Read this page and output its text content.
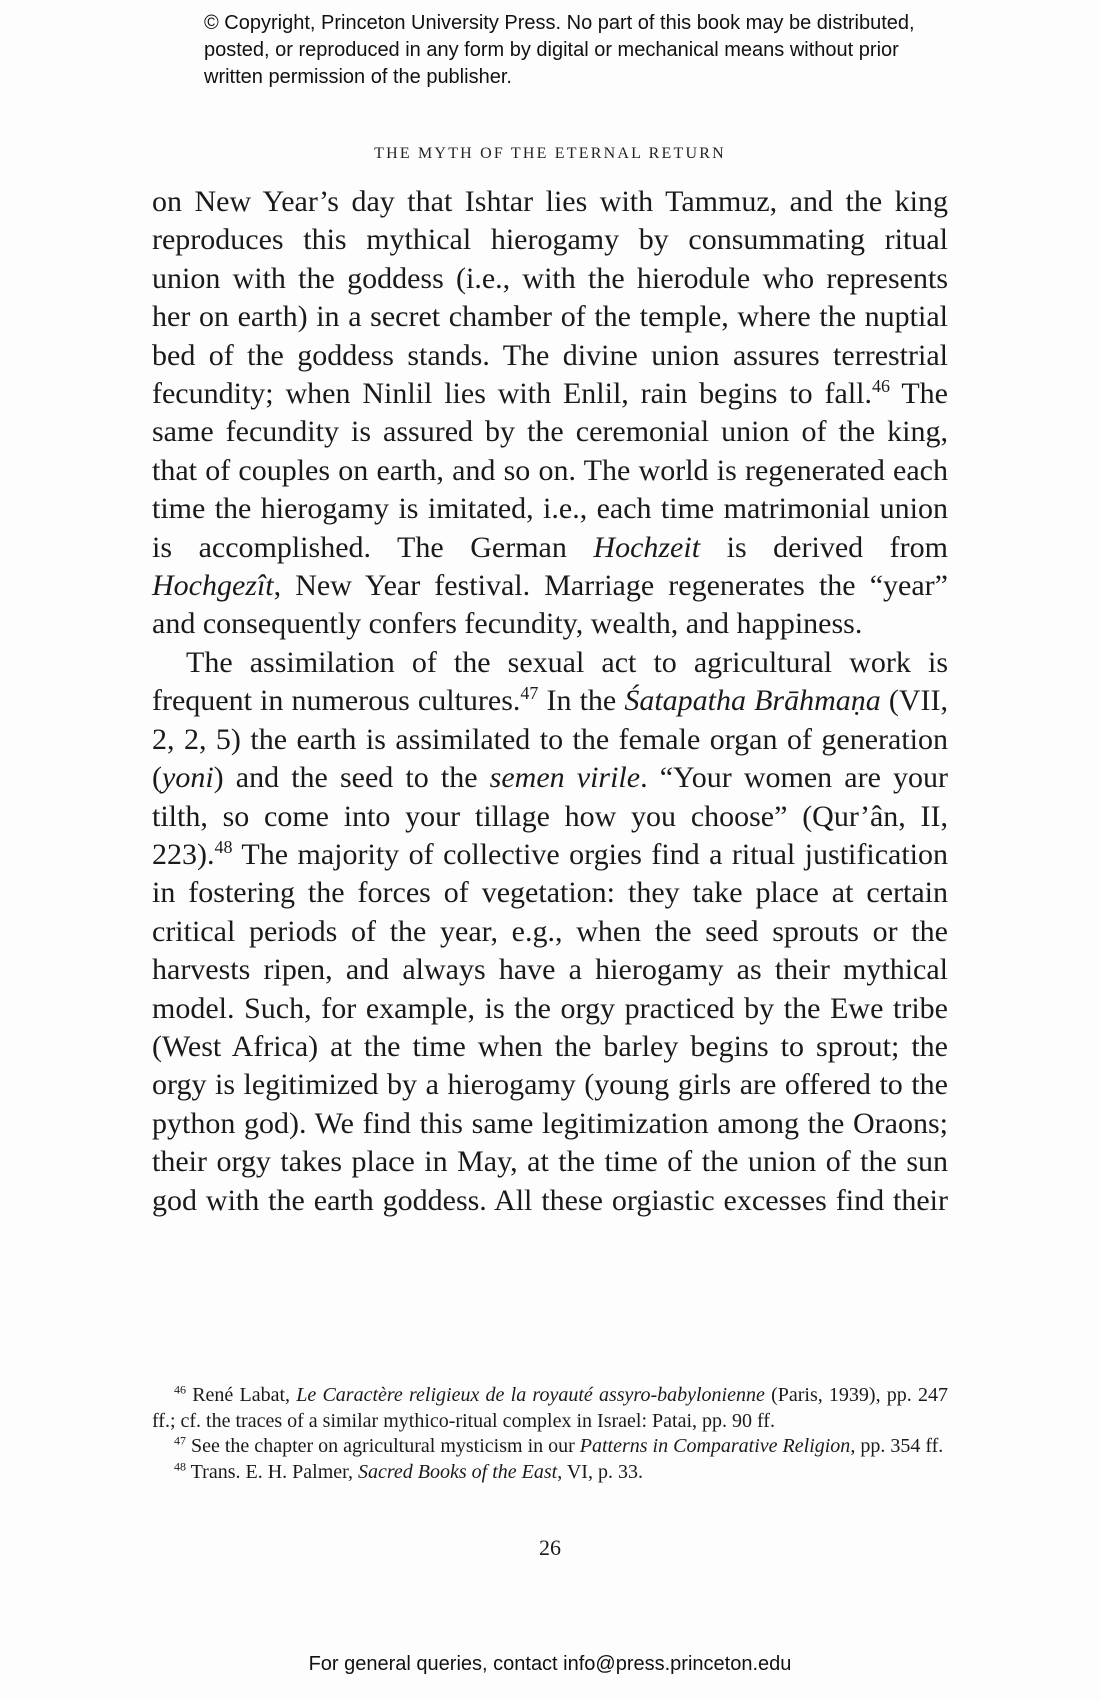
© Copyright, Princeton University Press. No part of this book may be distributed, posted, or reproduced in any form by digital or mechanical means without prior written permission of the publisher.
THE MYTH OF THE ETERNAL RETURN

on New Year’s day that Ishtar lies with Tammuz, and the king reproduces this mythical hierogamy by consummating ritual union with the goddess (i.e., with the hierodule who represents her on earth) in a secret chamber of the temple, where the nuptial bed of the goddess stands. The divine union assures terrestrial fecundity; when Ninlil lies with Enlil, rain begins to fall.$^{46}$ The same fecundity is assured by the ceremonial union of the king, that of couples on earth, and so on. The world is regenerated each time the hierogamy is imitated, i.e., each time matrimonial union is accomplished. The German Hochzeit is derived from Hochgezît, New Year festival. Marriage regenerates the “year” and consequently confers fecundity, wealth, and happiness.

The assimilation of the sexual act to agricultural work is frequent in numerous cultures.$^{47}$ In the Śatapatha Brāhmaṇa (VII, 2, 2, 5) the earth is assimilated to the female organ of generation (yoni) and the seed to the semen virile. “Your women are your tilth, so come into your tillage how you choose” (Qur’ân, II, 223).$^{48}$ The majority of collective orgies find a ritual justification in fostering the forces of vegetation: they take place at certain critical periods of the year, e.g., when the seed sprouts or the harvests ripen, and always have a hierogamy as their mythical model. Such, for example, is the orgy practiced by the Ewe tribe (West Africa) at the time when the barley begins to sprout; the orgy is legitimized by a hierogamy (young girls are offered to the python god). We find this same legitimization among the Oraons; their orgy takes place in May, at the time of the union of the sun god with the earth goddess. All these orgiastic excesses find their

$^{46}$ René Labat, Le Caractère religieux de la royauté assyro-babylonienne (Paris, 1939), pp. 247 ff.; cf. the traces of a similar mythico-ritual complex in Israel: Patai, pp. 90 ff.

$^{47}$ See the chapter on agricultural mysticism in our Patterns in Comparative Religion, pp. 354 ff.

$^{48}$ Trans. E. H. Palmer, Sacred Books of the East, VI, p. 33.

26
For general queries, contact info@press.princeton.edu
